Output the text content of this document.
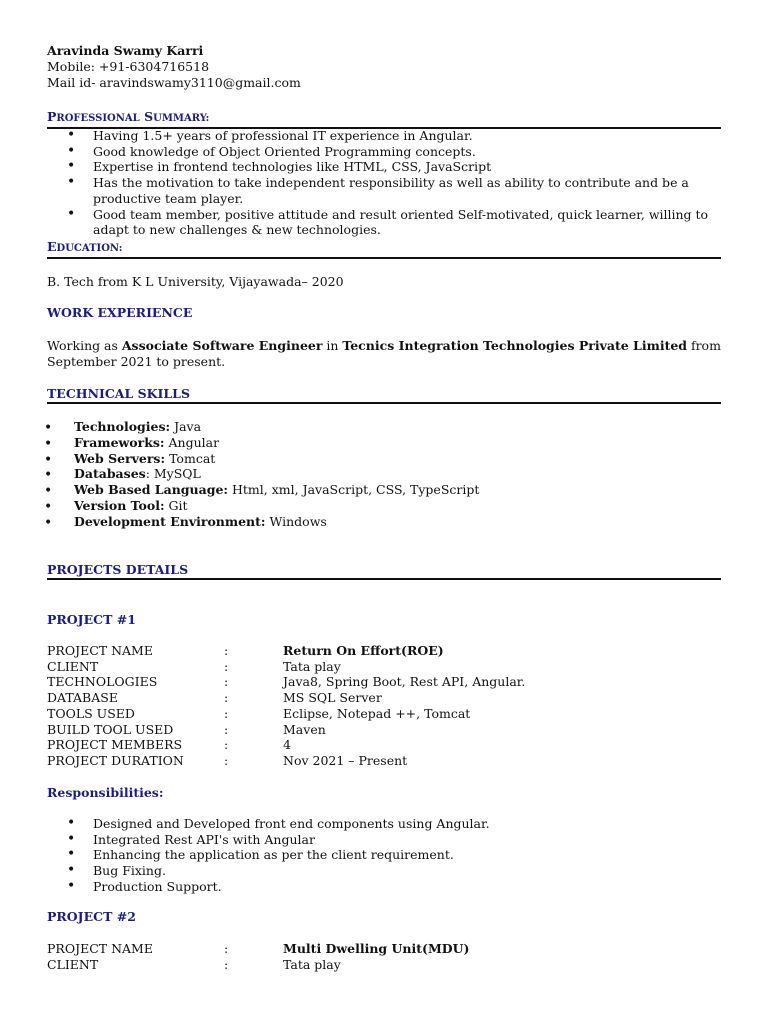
Aravinda Swamy Karri
Mobile: +91-6304716518
Mail id- aravindswamy3110@gmail.com
PROFESSIONAL SUMMARY:
• Having 1.5+ years of professional IT experience in Angular.
• Good knowledge of Object Oriented Programming concepts.
• Expertise in frontend technologies like HTML, CSS, JavaScript
• Has the motivation to take independent responsibility as well as ability to contribute and be a
productive team player.
• Good team member, positive attitude and result oriented Self-motivated, quick learner, willing to
adapt to new challenges & new technologies.
EDUCATION:
B. Tech from K L University, Vijayawada– 2020
WORK EXPERIENCE
Working as Associate Software Engineer in Tecnics Integration Technologies Private Limited from
September 2021 to present.
TECHNICAL SKILLS
• Technologies: Java
• Frameworks: Angular
• Web Servers: Tomcat
• Databases: MySQL
• Web Based Language: Html, xml, JavaScript, CSS, TypeScript
• Version Tool: Git
• Development Environment: Windows
PROJECTS DETAILS
PROJECT #1
PROJECT NAME	:	Return On Effort(ROE)
CLIENT	:	Tata play
TECHNOLOGIES	:	Java8, Spring Boot, Rest API, Angular.
DATABASE	:	MS SQL Server
TOOLS USED	:	Eclipse, Notepad ++, Tomcat
BUILD TOOL USED	:	Maven
PROJECT MEMBERS	:	4
PROJECT DURATION	:	Nov 2021 – Present
Responsibilities:
• Designed and Developed front end components using Angular.
• Integrated Rest API's with Angular
• Enhancing the application as per the client requirement.
• Bug Fixing.
• Production Support.
PROJECT #2
PROJECT NAME	:	Multi Dwelling Unit(MDU)
CLIENT	:	Tata play
